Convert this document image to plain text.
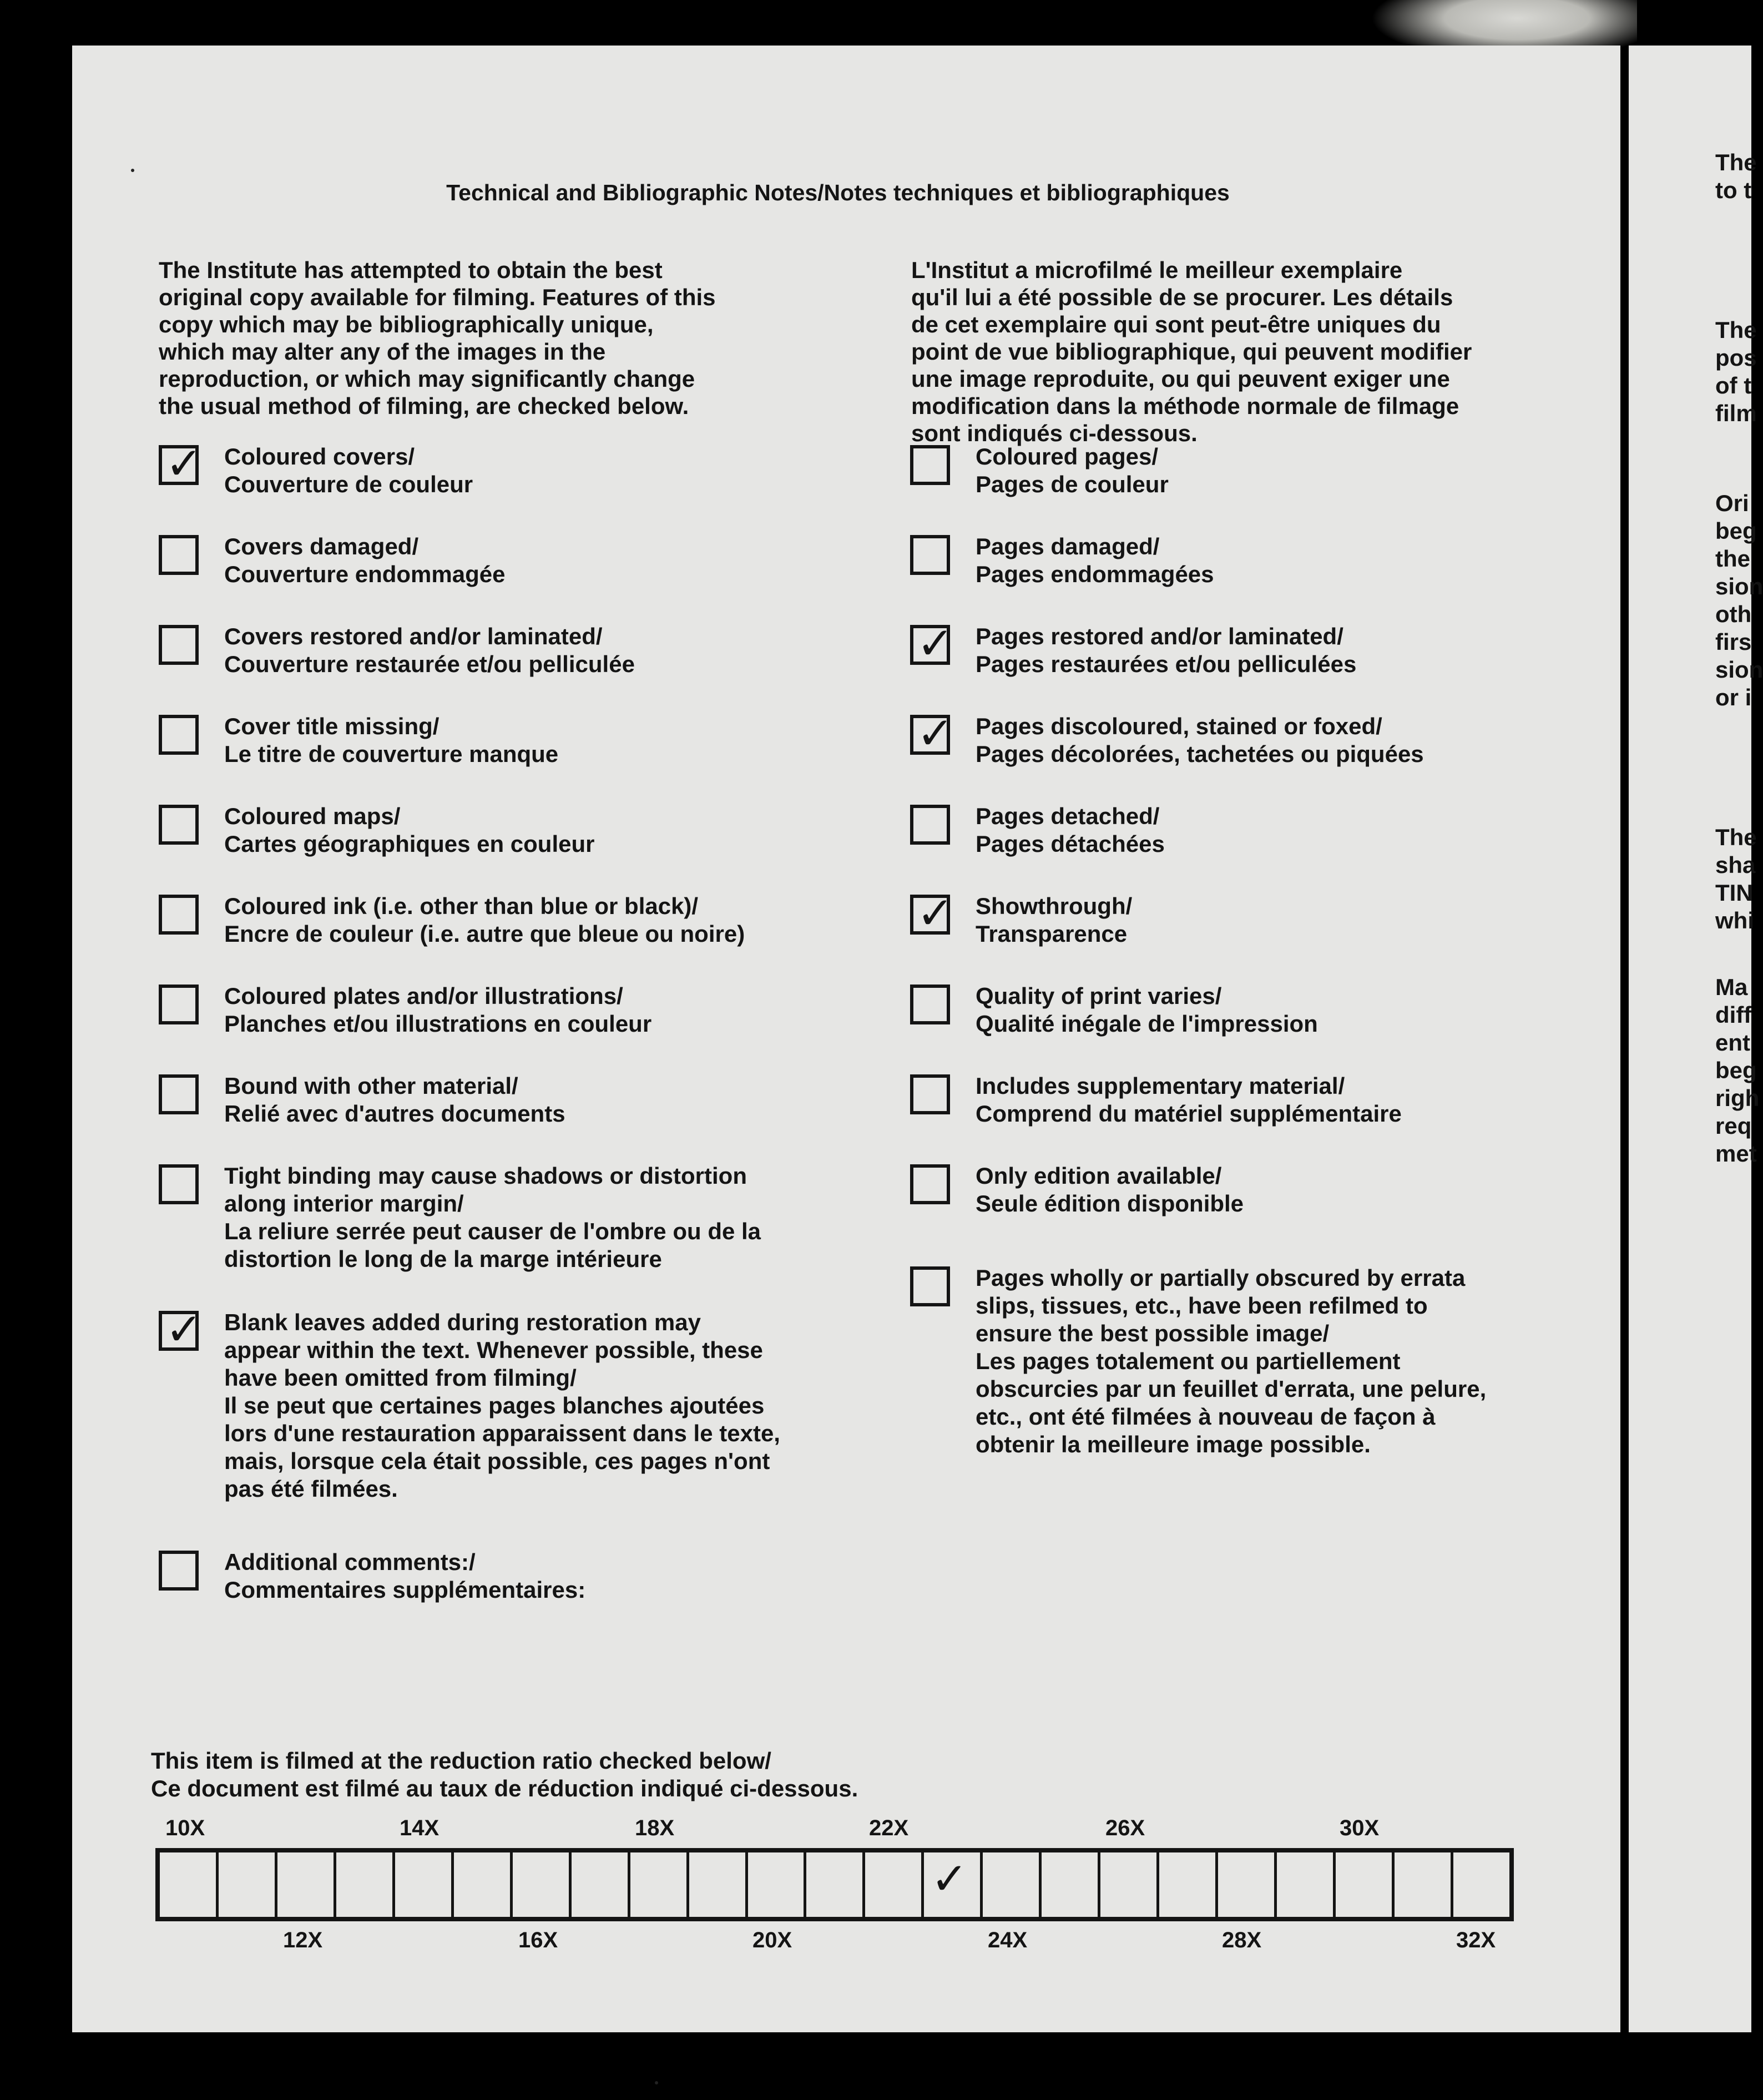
Technical and Bibliographic Notes/Notes techniques et bibliographiques
The Institute has attempted to obtain the best
original copy available for filming. Features of this
copy which may be bibliographically unique,
which may alter any of the images in the
reproduction, or which may significantly change
the usual method of filming, are checked below.
L'Institut a microfilmé le meilleur exemplaire
qu'il lui a été possible de se procurer. Les détails
de cet exemplaire qui sont peut-être uniques du
point de vue bibliographique, qui peuvent modifier
une image reproduite, ou qui peuvent exiger une
modification dans la méthode normale de filmage
sont indiqués ci-dessous.
✓ Coloured covers/
Couverture de couleur
Covers damaged/
Couverture endommagée
Covers restored and/or laminated/
Couverture restaurée et/ou pelliculée
Cover title missing/
Le titre de couverture manque
Coloured maps/
Cartes géographiques en couleur
Coloured ink (i.e. other than blue or black)/
Encre de couleur (i.e. autre que bleue ou noire)
Coloured plates and/or illustrations/
Planches et/ou illustrations en couleur
Bound with other material/
Relié avec d'autres documents
Tight binding may cause shadows or distortion
along interior margin/
La reliure serrée peut causer de l'ombre ou de la
distortion le long de la marge intérieure
✓ Blank leaves added during restoration may
appear within the text. Whenever possible, these
have been omitted from filming/
Il se peut que certaines pages blanches ajoutées
lors d'une restauration apparaissent dans le texte,
mais, lorsque cela était possible, ces pages n'ont
pas été filmées.
Additional comments:/
Commentaires supplémentaires:
Coloured pages/
Pages de couleur
Pages damaged/
Pages endommagées
✓ Pages restored and/or laminated/
Pages restaurées et/ou pelliculées
✓ Pages discoloured, stained or foxed/
Pages décolorées, tachetées ou piquées
Pages detached/
Pages détachées
✓ Showthrough/
Transparence
Quality of print varies/
Qualité inégale de l'impression
Includes supplementary material/
Comprend du matériel supplémentaire
Only edition available/
Seule édition disponible
Pages wholly or partially obscured by errata
slips, tissues, etc., have been refilmed to
ensure the best possible image/
Les pages totalement ou partiellement
obscurcies par un feuillet d'errata, une pelure,
etc., ont été filmées à nouveau de façon à
obtenir la meilleure image possible.
This item is filmed at the reduction ratio checked below/
Ce document est filmé au taux de réduction indiqué ci-dessous.
10X	14X	18X	22X	26X	30X
✓
12X	16X	20X	24X	28X	32X
The
to t
The
pos
of t
film
Ori
beg
the
sion
oth
firs
sion
or i
The
sha
TIN
whi
Ma
diff
ent
beg
righ
req
met
